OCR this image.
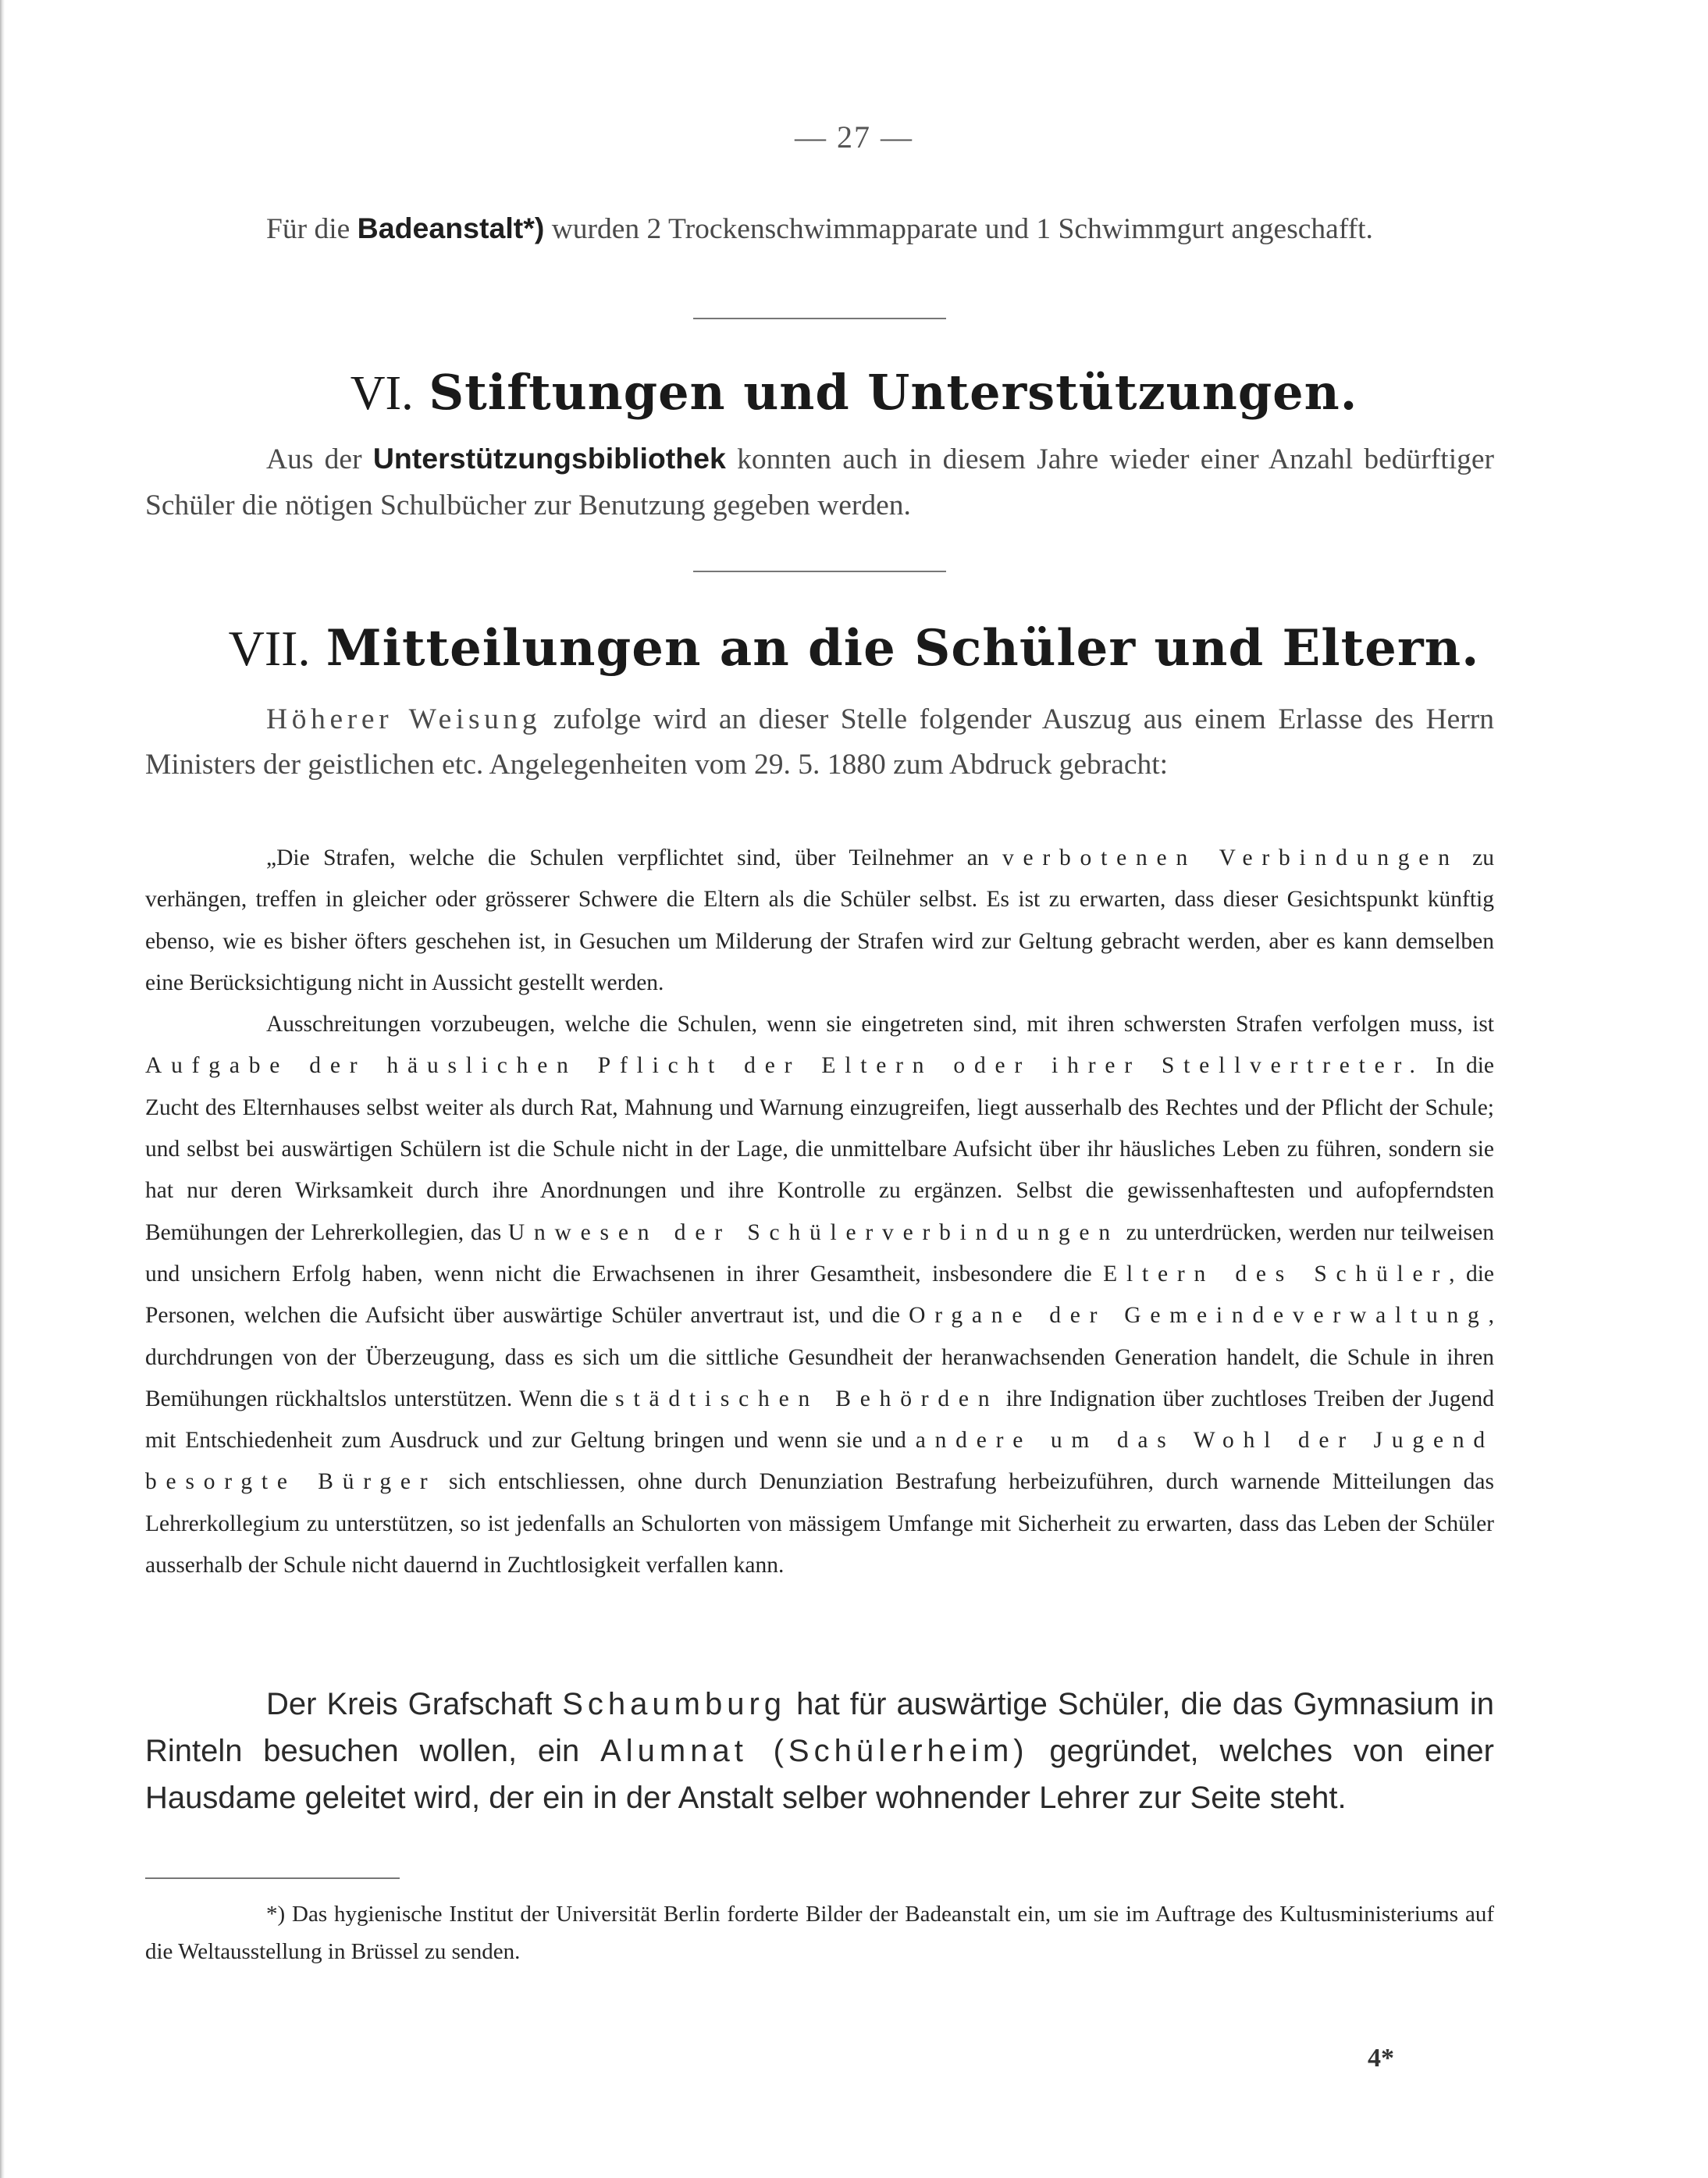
— 27 —

Für die Badeanstalt*) wurden 2 Trockenschwimmapparate und 1 Schwimmgurt angeschafft.

VI. Stiftungen und Unterstützungen.

Aus der Unterstützungsbibliothek konnten auch in diesem Jahre wieder einer Anzahl bedürftiger Schüler die nötigen Schulbücher zur Benutzung gegeben werden.

VII. Mitteilungen an die Schüler und Eltern.

Höherer Weisung zufolge wird an dieser Stelle folgender Auszug aus einem Erlasse des Herrn Ministers der geistlichen etc. Angelegenheiten vom 29. 5. 1880 zum Abdruck gebracht:

„Die Strafen, welche die Schulen verpflichtet sind, über Teilnehmer an verbotenen Verbindungen zu verhängen, treffen in gleicher oder grösserer Schwere die Eltern als die Schüler selbst. Es ist zu erwarten, dass dieser Gesichtspunkt künftig ebenso, wie es bisher öfters geschehen ist, in Gesuchen um Milderung der Strafen wird zur Geltung gebracht werden, aber es kann demselben eine Berücksichtigung nicht in Aussicht gestellt werden.

Ausschreitungen vorzubeugen, welche die Schulen, wenn sie eingetreten sind, mit ihren schwersten Strafen verfolgen muss, ist Aufgabe der häuslichen Pflicht der Eltern oder ihrer Stellvertreter. In die Zucht des Elternhauses selbst weiter als durch Rat, Mahnung und Warnung einzugreifen, liegt ausserhalb des Rechtes und der Pflicht der Schule; und selbst bei auswärtigen Schülern ist die Schule nicht in der Lage, die unmittelbare Aufsicht über ihr häusliches Leben zu führen, sondern sie hat nur deren Wirksamkeit durch ihre Anordnungen und ihre Kontrolle zu ergänzen. Selbst die gewissenhaftesten und aufopferndsten Bemühungen der Lehrerkollegien, das Unwesen der Schülerverbindungen zu unterdrücken, werden nur teilweisen und unsichern Erfolg haben, wenn nicht die Erwachsenen in ihrer Gesamtheit, insbesondere die Eltern des Schüler, die Personen, welchen die Aufsicht über auswärtige Schüler anvertraut ist, und die Organe der Gemeindeverwaltung, durchdrungen von der Überzeugung, dass es sich um die sittliche Gesundheit der heranwachsenden Generation handelt, die Schule in ihren Bemühungen rückhaltslos unterstützen. Wenn die städtischen Behörden ihre Indignation über zuchtloses Treiben der Jugend mit Entschiedenheit zum Ausdruck und zur Geltung bringen und wenn sie und andere um das Wohl der Jugend besorgte Bürger sich entschliessen, ohne durch Denunziation Bestrafung herbeizuführen, durch warnende Mitteilungen das Lehrerkollegium zu unterstützen, so ist jedenfalls an Schulorten von mässigem Umfange mit Sicherheit zu erwarten, dass das Leben der Schüler ausserhalb der Schule nicht dauernd in Zuchtlosigkeit verfallen kann.

Der Kreis Grafschaft Schaumburg hat für auswärtige Schüler, die das Gymnasium in Rinteln besuchen wollen, ein Alumnat (Schülerheim) gegründet, welches von einer Hausdame geleitet wird, der ein in der Anstalt selber wohnender Lehrer zur Seite steht.

*) Das hygienische Institut der Universität Berlin forderte Bilder der Badeanstalt ein, um sie im Auftrage des Kultusministeriums auf die Weltausstellung in Brüssel zu senden.

4*
